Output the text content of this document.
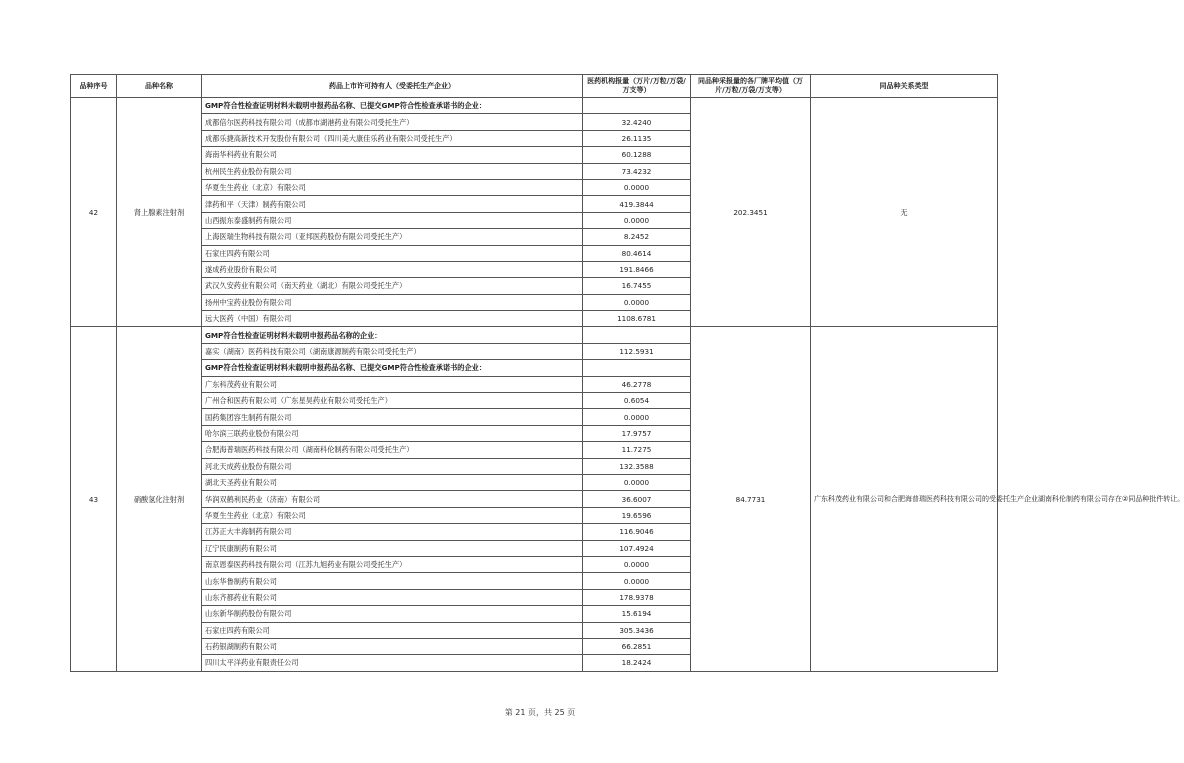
品种序号	品种名称	药品上市许可持有人（受委托生产企业）	医药机构报量（万片/万粒/万袋/万支等）	同品种采报量的各厂牌平均值（万片/万粒/万袋/万支等）	同品种关系类型
42	肾上腺素注射剂	GMP符合性检查证明材料未载明申报药品名称、已提交GMP符合性检查承诺书的企业：		202.3451	无
		成都倍尔医药科技有限公司（成都市湖港药业有限公司受托生产）	32.4240		
		成都乐捷高新技术开发股份有限公司（四川美大康佳乐药业有限公司受托生产）	26.1135		
		海南华科药业有限公司	60.1288		
		杭州民生药业股份有限公司	73.4232		
		华夏生生药业（北京）有限公司	0.0000		
		津药和平（天津）制药有限公司	419.3844		
		山西振东泰盛制药有限公司	0.0000		
		上海医瑞生物科技有限公司（亚邦医药股份有限公司受托生产）	8.2452		
		石家庄四药有限公司	80.4614		
		遂成药业股份有限公司	191.8466		
		武汉久安药业有限公司（南天药业（湖北）有限公司受托生产）	16.7455		
		扬州中宝药业股份有限公司	0.0000		
		远大医药（中国）有限公司	1108.6781		
43	硝酸氢化注射剂	GMP符合性检查证明材料未载明申报药品名称的企业：		84.7731	广东科茂药业有限公司和合肥海普瑞医药科技有限公司的受委托生产企业湖南科伦制药有限公司存在②同品种批件转让。
		嘉实（湖南）医药科技有限公司（湖南康源制药有限公司受托生产）	112.5931		
		GMP符合性检查证明材料未载明申报药品名称、已提交GMP符合性检查承诺书的企业：			
		广东科茂药业有限公司	46.2778		
		广州合和医药有限公司（广东星昊药业有限公司受托生产）	0.6054		
		国药集团容生制药有限公司	0.0000		
		哈尔滨三联药业股份有限公司	17.9757		
		合肥海普瑞医药科技有限公司（湖南科伦制药有限公司受托生产）	11.7275		
		河北天成药业股份有限公司	132.3588		
		湖北天圣药业有限公司	0.0000		
		华润双鹤利民药业（济南）有限公司	36.6007		
		华夏生生药业（北京）有限公司	19.6596		
		江苏正大丰海制药有限公司	116.9046		
		辽宁民康制药有限公司	107.4924		
		南京恩泰医药科技有限公司（江苏九旭药业有限公司受托生产）	0.0000		
		山东华鲁制药有限公司	0.0000		
		山东齐都药业有限公司	178.9378		
		山东新华制药股份有限公司	15.6194		
		石家庄四药有限公司	305.3436		
		石药银湖制药有限公司	66.2851		
		四川太平洋药业有限责任公司	18.2424		
第 21 页，共 25 页
